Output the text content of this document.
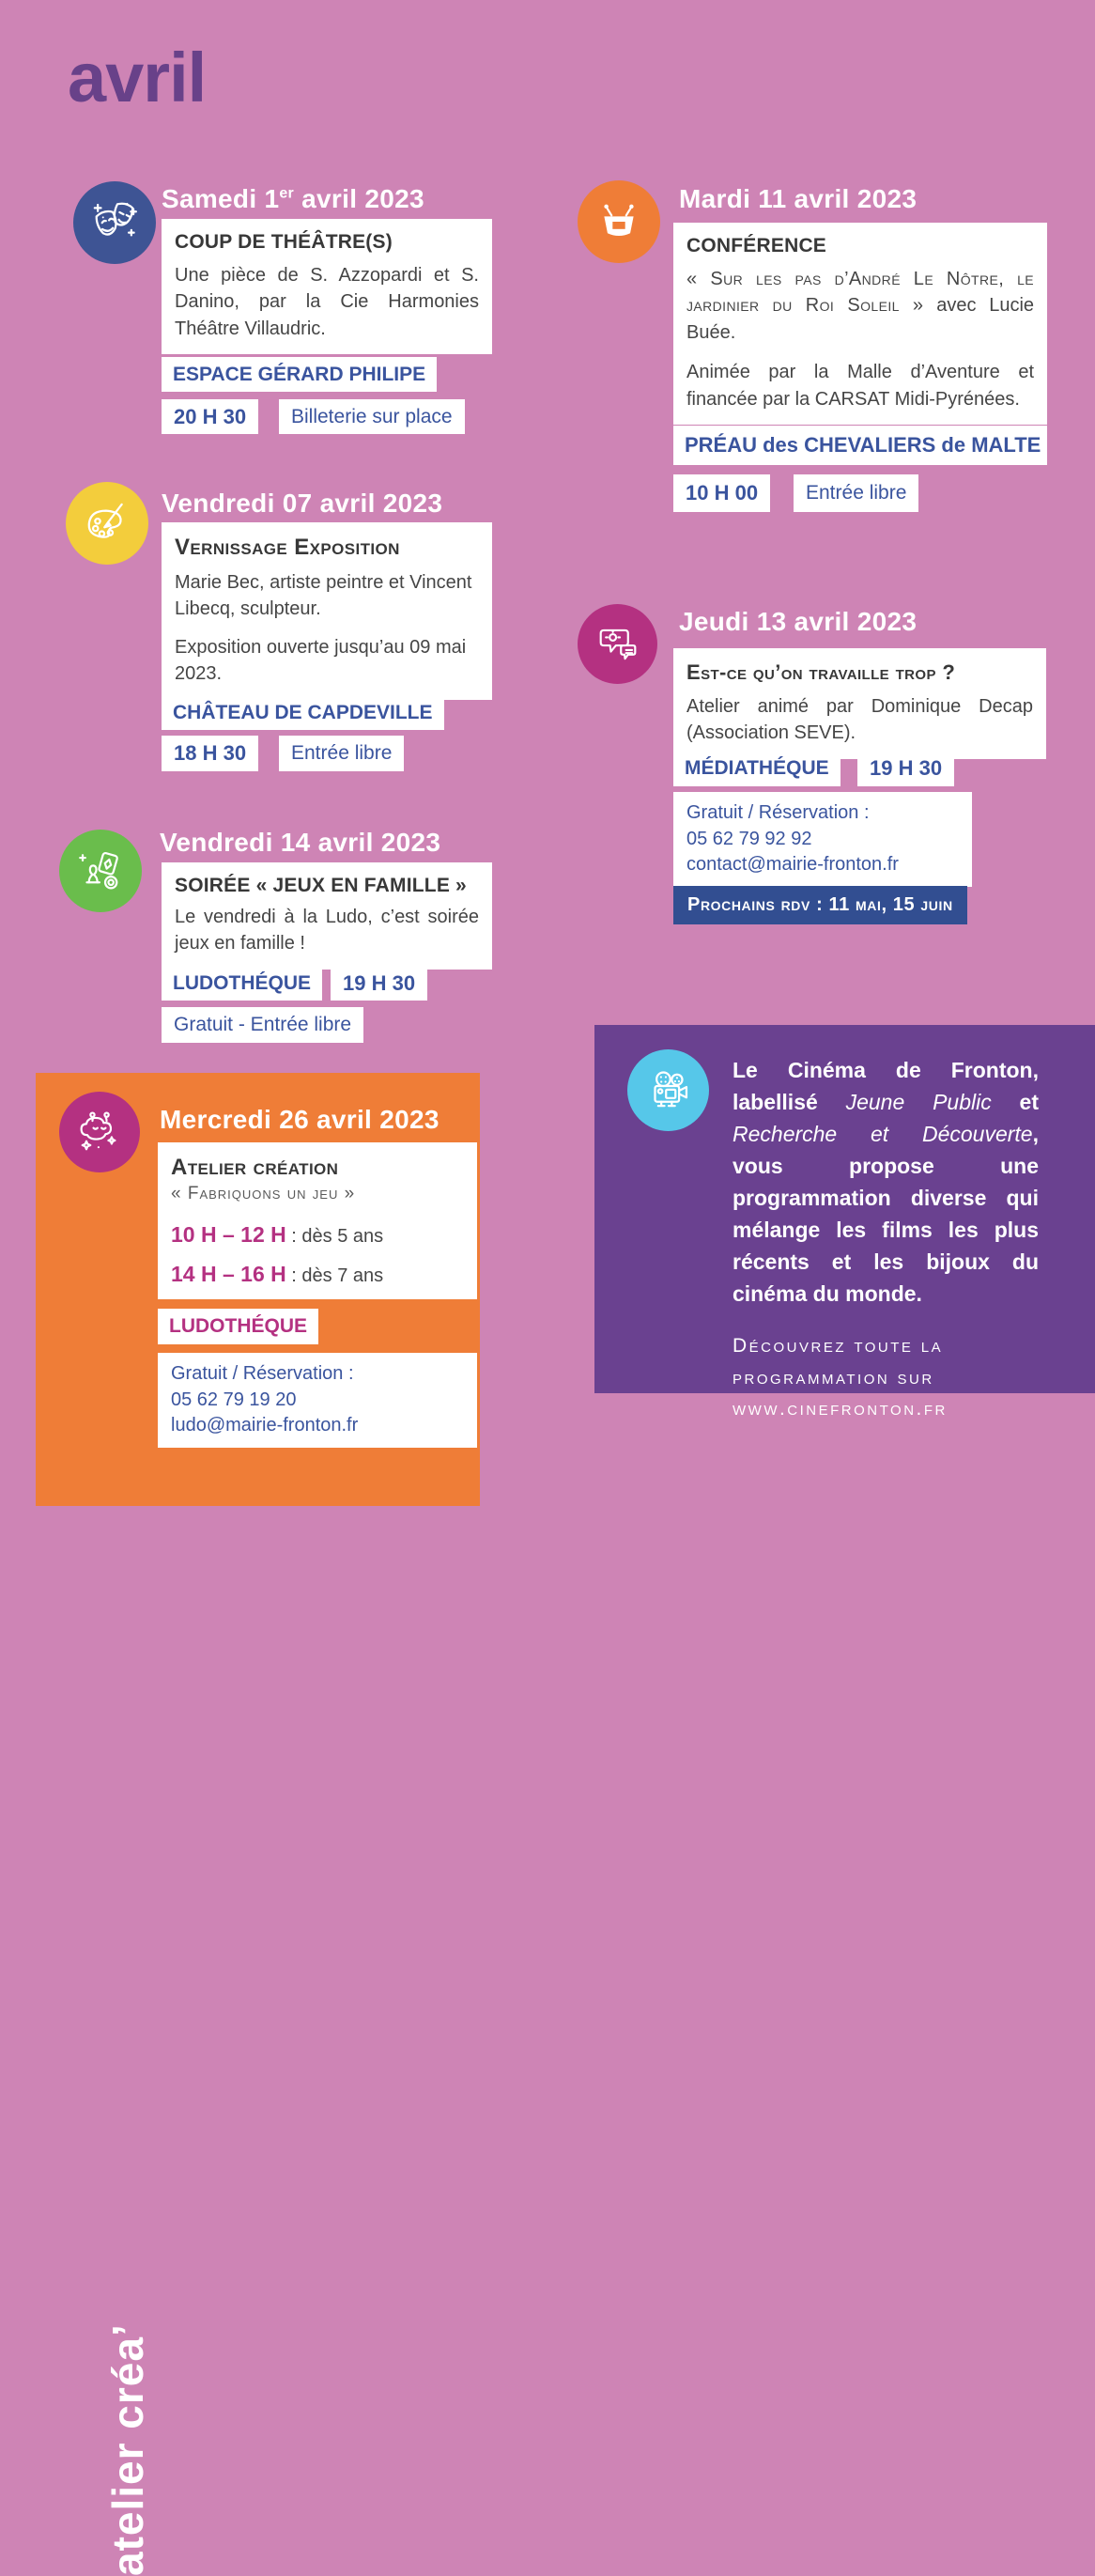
avril
Samedi 1er avril 2023
COUP DE THÉÂTRE(S)
Une pièce de S. Azzopardi et S. Danino, par la Cie Harmonies Théâtre Villaudric.
ESPACE GÉRARD PHILIPE
20 H 30	Billeterie sur place
Vendredi 07 avril 2023
Vernissage Exposition
Marie Bec, artiste peintre et Vincent Libecq, sculpteur.
Exposition ouverte jusqu’au 09 mai 2023.
CHÂTEAU DE CAPDEVILLE
18 H 30	Entrée libre
Vendredi 14 avril 2023
SOIRÉE « JEUX EN FAMILLE »
Le vendredi à la Ludo, c’est soirée jeux en famille !
LUDOTHÉQUE	19 H 30
Gratuit - Entrée libre
atelier créa’
Mercredi 26 avril 2023
Atelier création
« Fabriquons un jeu »
10 H – 12 H : dès 5 ans
14 H – 16 H : dès 7 ans
LUDOTHÉQUE
Gratuit / Réservation :
05 62 79 19 20
ludo@mairie-fronton.fr
Mardi 11 avril 2023
CONFÉRENCE
« Sur les pas d’André Le Nôtre, le jardinier du Roi Soleil » avec Lucie Buée.
Animée par la Malle d’Aventure et financée par la CARSAT Midi-Pyrénées.
PRÉAU des CHEVALIERS de MALTE
10 H 00	Entrée libre
Jeudi 13 avril 2023
Est-ce qu’on travaille trop ?
Atelier animé par Dominique Decap (Association SEVE).
MÉDIATHÉQUE	19 H 30
Gratuit / Réservation :
05 62 79 92 92
contact@mairie-fronton.fr
Prochains rdv : 11 mai, 15 juin
Le Cinéma de Fronton, labellisé Jeune Public et Recherche et Découverte, vous propose une programmation diverse qui mélange les films les plus récents et les bijoux du cinéma du monde.
Découvrez toute la
programmation sur
www.cinefronton.fr
